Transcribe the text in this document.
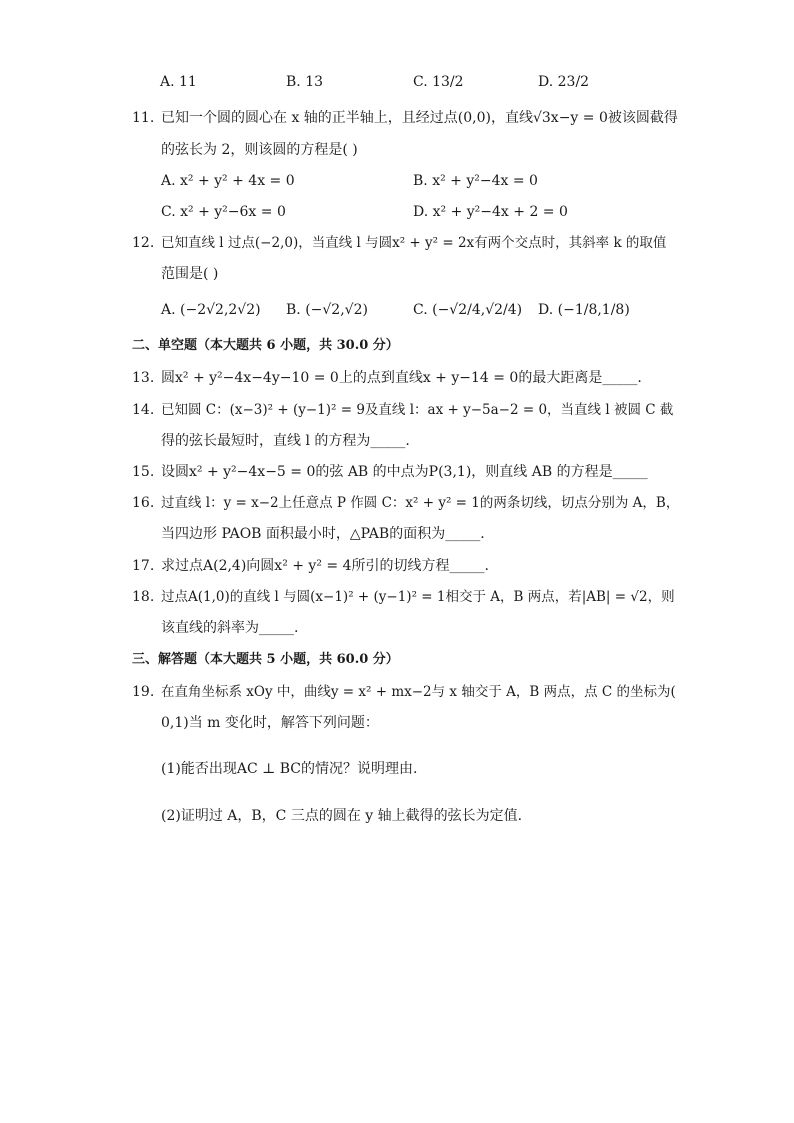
A. 11	B. 13	C. 13/2	D. 23/2
11. 已知一个圆的圆心在 x 轴的正半轴上，且经过点(0,0)，直线√3x−y = 0被该圆截得
的弦长为 2，则该圆的方程是( )
A. x² + y² + 4x = 0	B. x² + y²−4x = 0
C. x² + y²−6x = 0	D. x² + y²−4x + 2 = 0
12. 已知直线 l 过点(−2,0)，当直线 l 与圆x² + y² = 2x有两个交点时，其斜率 k 的取值
范围是( )
A. (−2√2,2√2) B. (−√2,√2)	C. (−√2/4,√2/4) D. (−1/8,1/8)
二、单空题（本大题共 6 小题，共 30.0 分）
13. 圆x² + y²−4x−4y−10 = 0上的点到直线x + y−14 = 0的最大距离是_____.
14. 已知圆 C：(x−3)² + (y−1)² = 9及直线 l：ax + y−5a−2 = 0，当直线 l 被圆 C 截
得的弦长最短时，直线 l 的方程为_____.
15. 设圆x² + y²−4x−5 = 0的弦 AB 的中点为P(3,1)，则直线 AB 的方程是_____
16. 过直线 l：y = x−2上任意点 P 作圆 C：x² + y² = 1的两条切线，切点分别为 A，B，
当四边形 PAOB 面积最小时，△PAB的面积为_____.
17. 求过点A(2,4)向圆x² + y² = 4所引的切线方程_____.
18. 过点A(1,0)的直线 l 与圆(x−1)² + (y−1)² = 1相交于 A，B 两点，若|AB| = √2，则
该直线的斜率为_____.
三、解答题（本大题共 5 小题，共 60.0 分）
19. 在直角坐标系 xOy 中，曲线y = x² + mx−2与 x 轴交于 A，B 两点，点 C 的坐标为(
0,1)当 m 变化时，解答下列问题：
(1)能否出现AC ⊥ BC的情况？说明理由.
(2)证明过 A，B，C 三点的圆在 y 轴上截得的弦长为定值.
